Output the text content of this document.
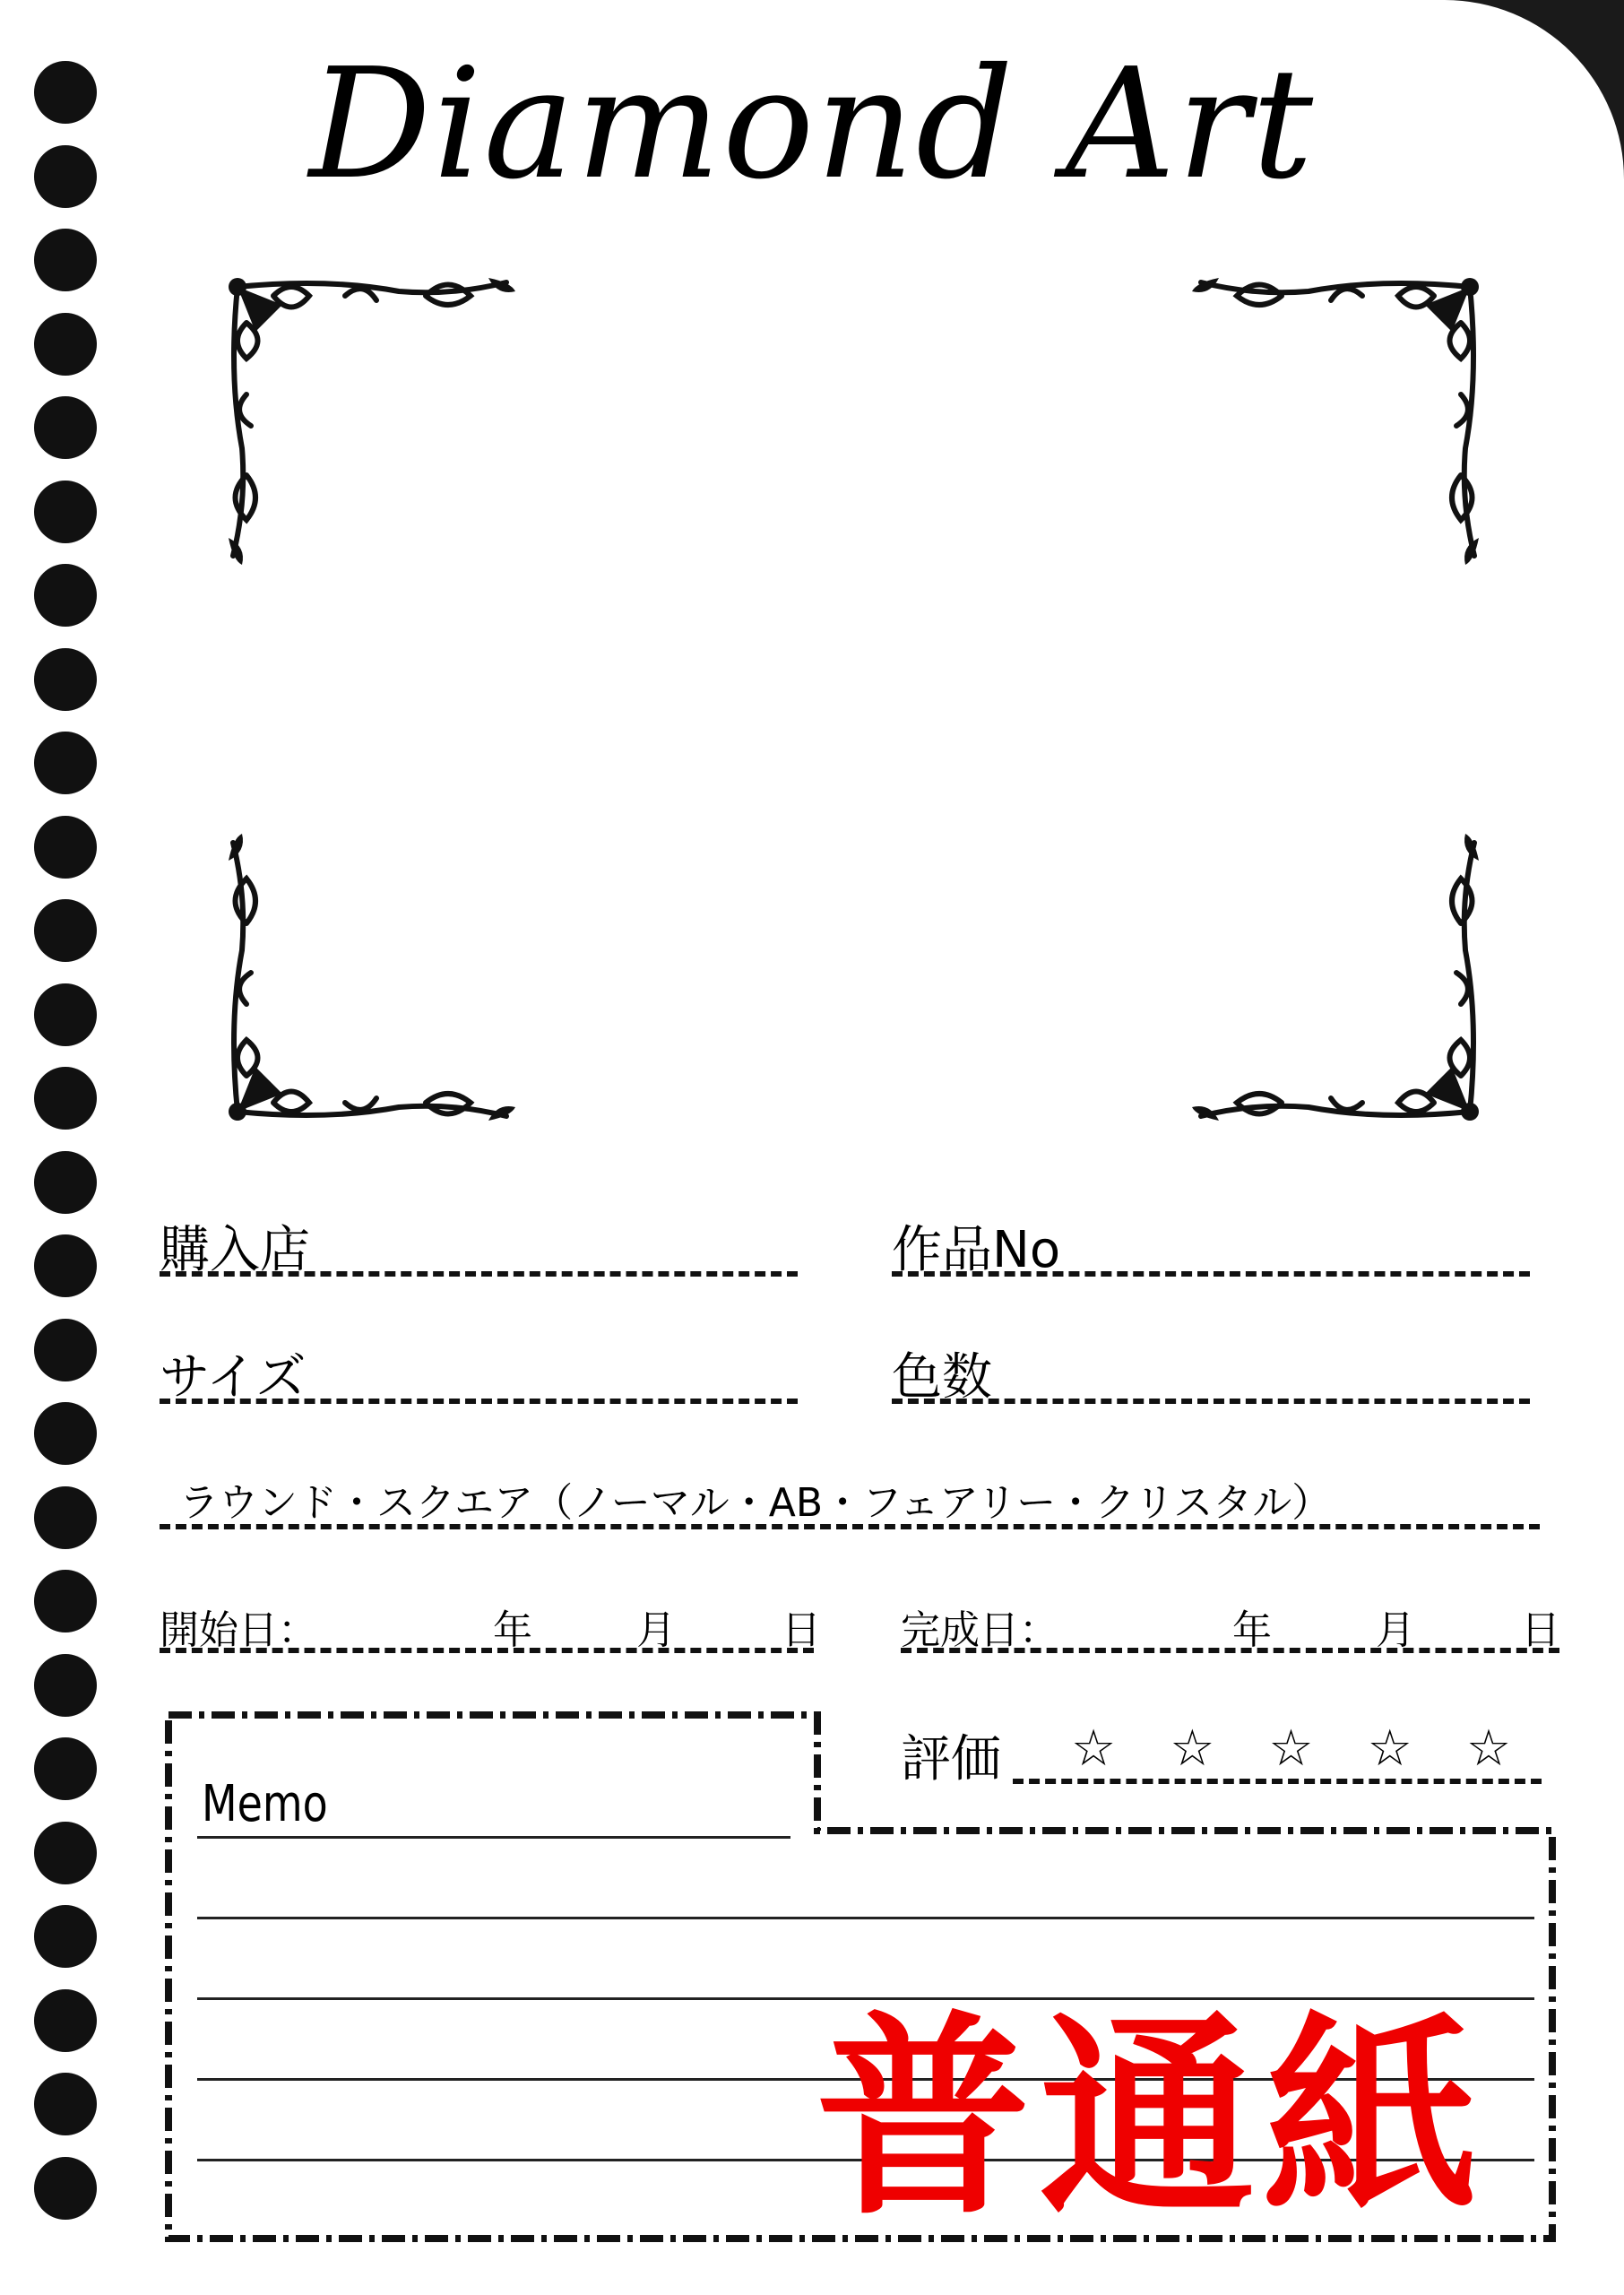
Diamond Art
購入店	作品No
サイズ	色数
ラウンド・スクエア（ノーマル・AB・フェアリー・クリスタル）
開始日：	年	月	日 完成日：	年	月	日
評価 ☆☆☆☆☆
Memo
普通紙
